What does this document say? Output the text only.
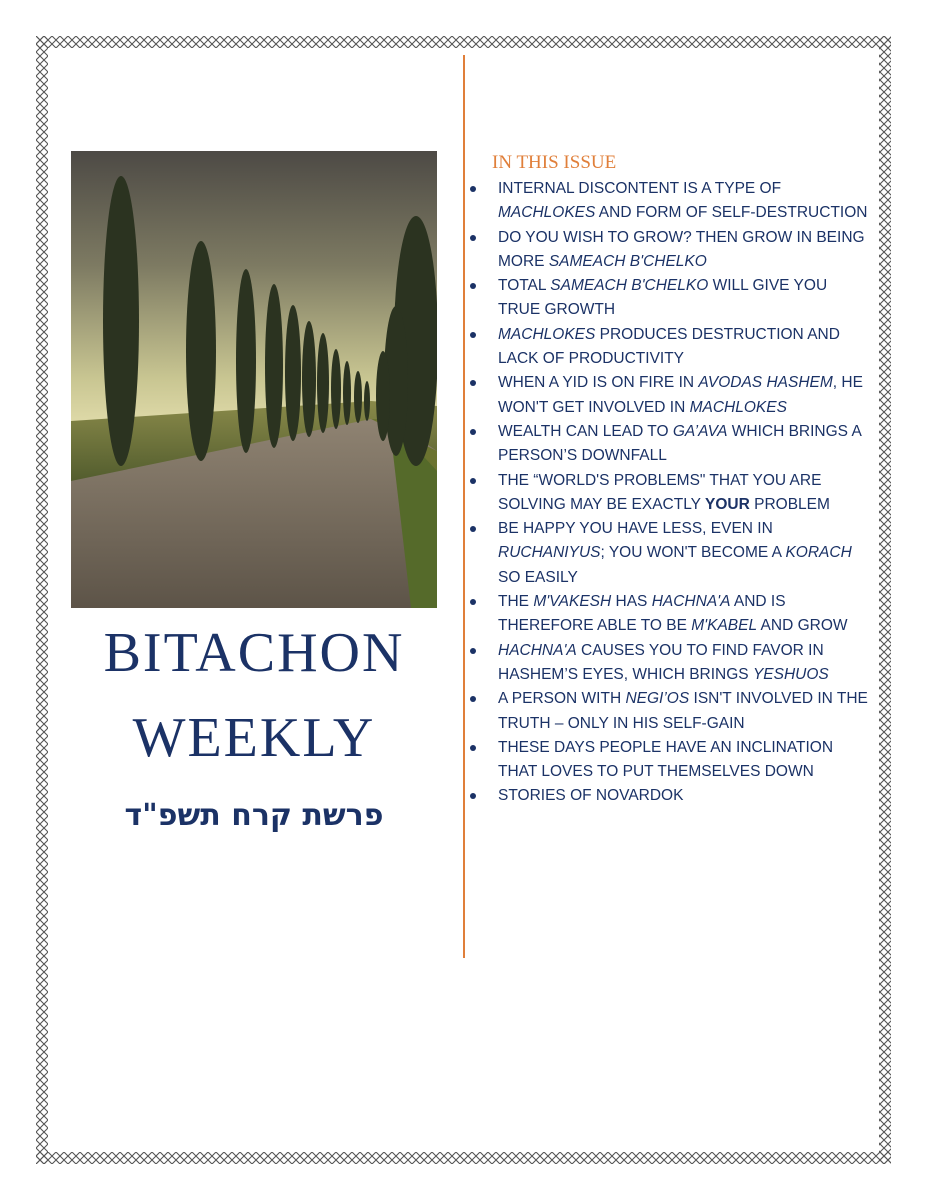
BITACHON
WEEKLY
פרשת קרח תשפ"ד
IN THIS ISSUE
INTERNAL DISCONTENT IS A TYPE OF MACHLOKES AND FORM OF SELF-DESTRUCTION
DO YOU WISH TO GROW? THEN GROW IN BEING MORE SAMEACH B'CHELKO
TOTAL SAMEACH B'CHELKO WILL GIVE YOU TRUE GROWTH
MACHLOKES PRODUCES DESTRUCTION AND LACK OF PRODUCTIVITY
WHEN A YID IS ON FIRE IN AVODAS HASHEM, HE WON'T GET INVOLVED IN MACHLOKES
WEALTH CAN LEAD TO GA’AVA WHICH BRINGS A PERSON’S DOWNFALL
THE “WORLD'S PROBLEMS" THAT YOU ARE SOLVING MAY BE EXACTLY YOUR PROBLEM
BE HAPPY YOU HAVE LESS, EVEN IN RUCHANIYUS; YOU WON'T BECOME A KORACH SO EASILY
THE M'VAKESH HAS HACHNA'A AND IS THEREFORE ABLE TO BE M'KABEL AND GROW
HACHNA'A CAUSES YOU TO FIND FAVOR IN HASHEM’S EYES, WHICH BRINGS YESHUOS
A PERSON WITH NEGI’OS ISN'T INVOLVED IN THE TRUTH – ONLY IN HIS SELF-GAIN
THESE DAYS PEOPLE HAVE AN INCLINATION THAT LOVES TO PUT THEMSELVES DOWN
STORIES OF NOVARDOK
